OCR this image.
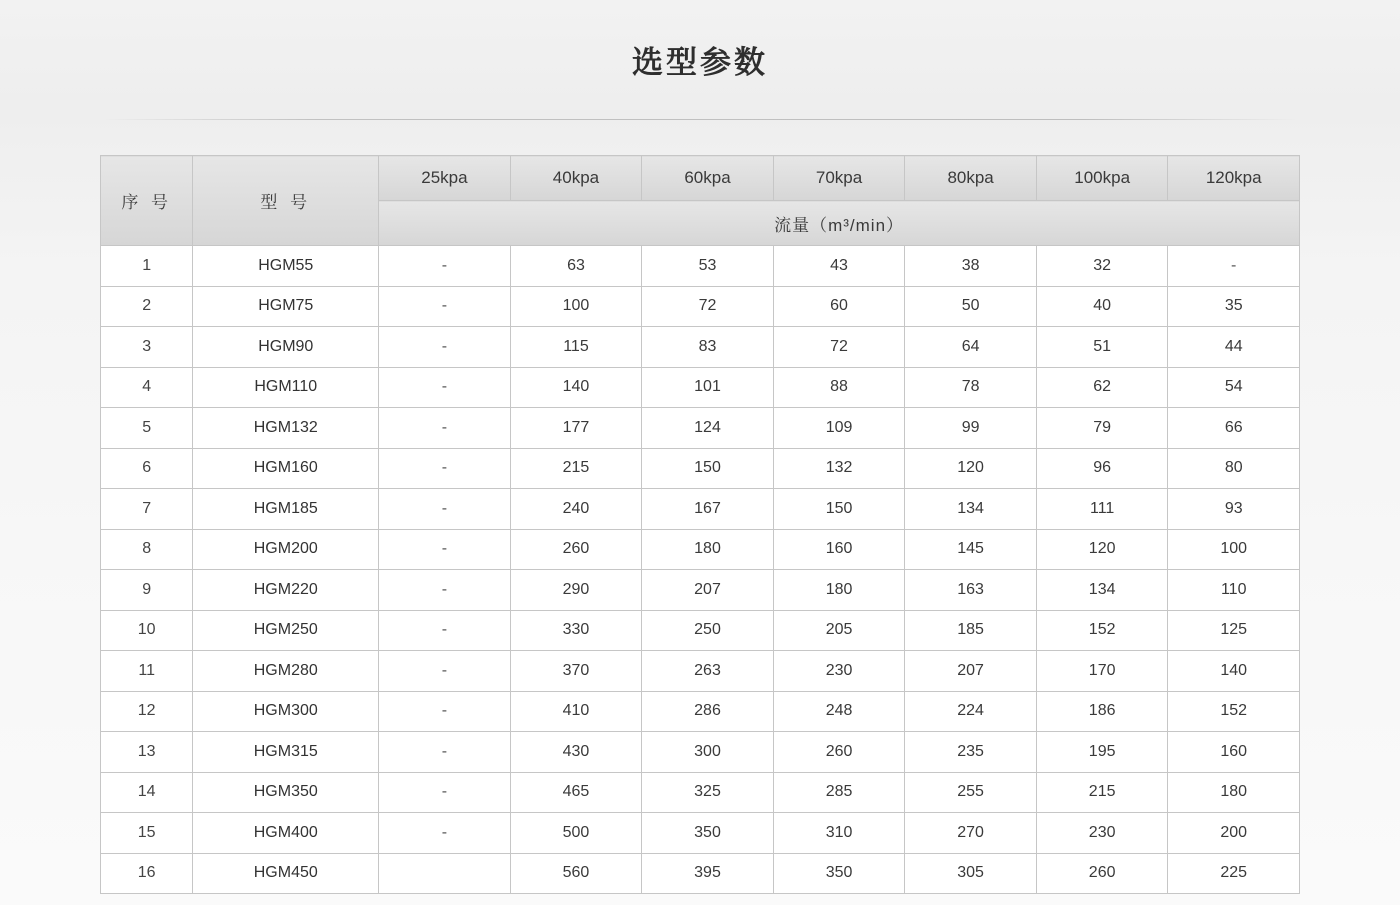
选型参数
序 号	型 号	25kpa	40kpa	60kpa	70kpa	80kpa	100kpa	120kpa
		流量（m³/min）						
1	HGM55	-	63	53	43	38	32	-
2	HGM75	-	100	72	60	50	40	35
3	HGM90	-	115	83	72	64	51	44
4	HGM110	-	140	101	88	78	62	54
5	HGM132	-	177	124	109	99	79	66
6	HGM160	-	215	150	132	120	96	80
7	HGM185	-	240	167	150	134	111	93
8	HGM200	-	260	180	160	145	120	100
9	HGM220	-	290	207	180	163	134	110
10	HGM250	-	330	250	205	185	152	125
11	HGM280	-	370	263	230	207	170	140
12	HGM300	-	410	286	248	224	186	152
13	HGM315	-	430	300	260	235	195	160
14	HGM350	-	465	325	285	255	215	180
15	HGM400	-	500	350	310	270	230	200
16	HGM450		560	395	350	305	260	225
